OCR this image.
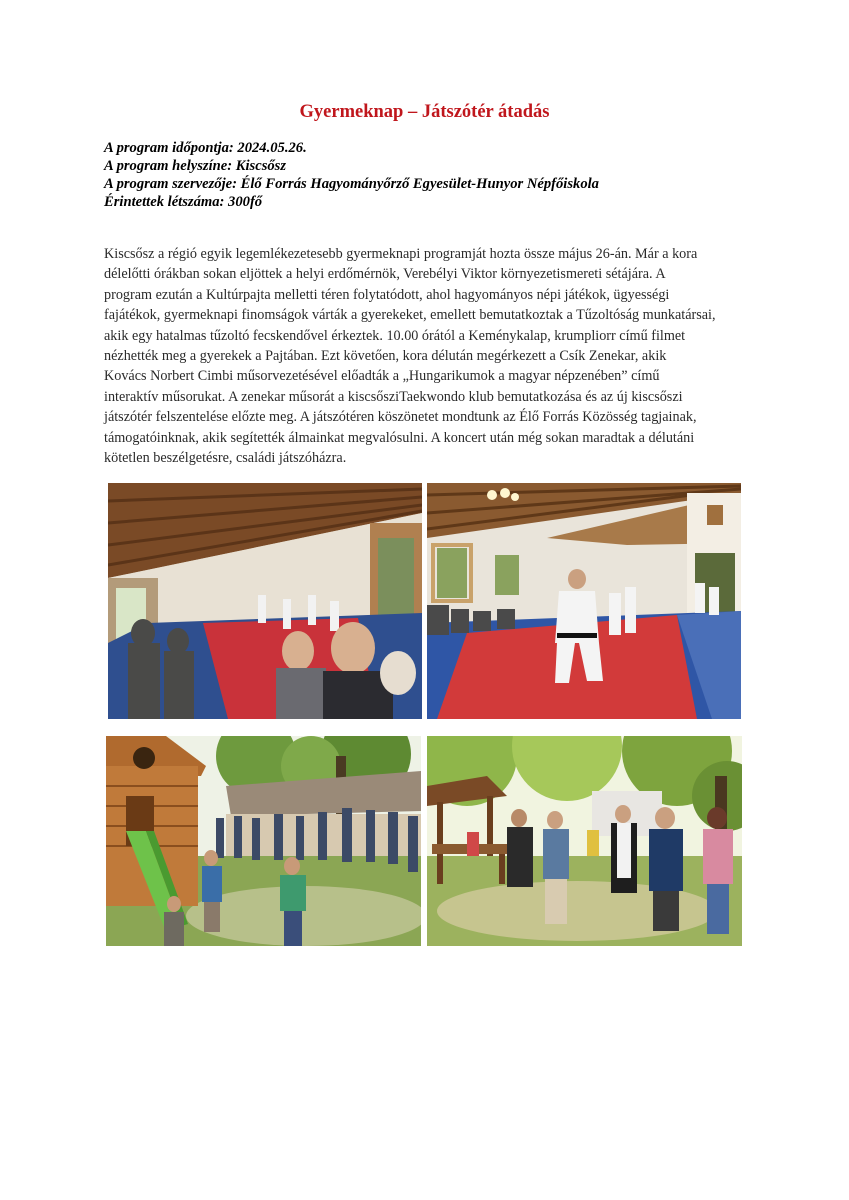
Gyermeknap – Játszótér átadás
A program időpontja: 2024.05.26.
A program helyszíne: Kiscsősz
A program szervezője: Élő Forrás Hagyományőrző Egyesület-Hunyor Népfőiskola
Érintettek létszáma: 300fő
Kiscsősz a régió egyik legemlékezetesebb gyermeknapi programját hozta össze május 26-án. Már a kora
délelőtti órákban sokan eljöttek a helyi erdőmérnök, Verebélyi Viktor környezetismereti sétájára. A
program ezután a Kultúrpajta melletti téren folytatódott, ahol hagyományos népi játékok, ügyességi
fajátékok, gyermeknapi finomságok várták a gyerekeket, emellett bemutatkoztak a Tűzoltóság munkatársai,
akik egy hatalmas tűzoltó fecskendővel érkeztek. 10.00 órától a Keménykalap, krumpliorr című filmet
nézhették meg a gyerekek a Pajtában. Ezt követően, kora délután megérkezett a Csík Zenekar, akik
Kovács Norbert Cimbi műsorvezetésével előadták a „Hungarikumok a magyar népzenében” című
interaktív műsorukat. A zenekar műsorát a kiscsősziTaekwondo klub bemutatkozása és az új kiscsőszi
játszótér felszentelése előzte meg. A játszótéren köszönetet mondtunk az Élő Forrás Közösség tagjainak,
támogatóinknak, akik segítették álmainkat megvalósulni. A koncert után még sokan maradtak a délutáni
kötetlen beszélgetésre, családi játszóházra.
